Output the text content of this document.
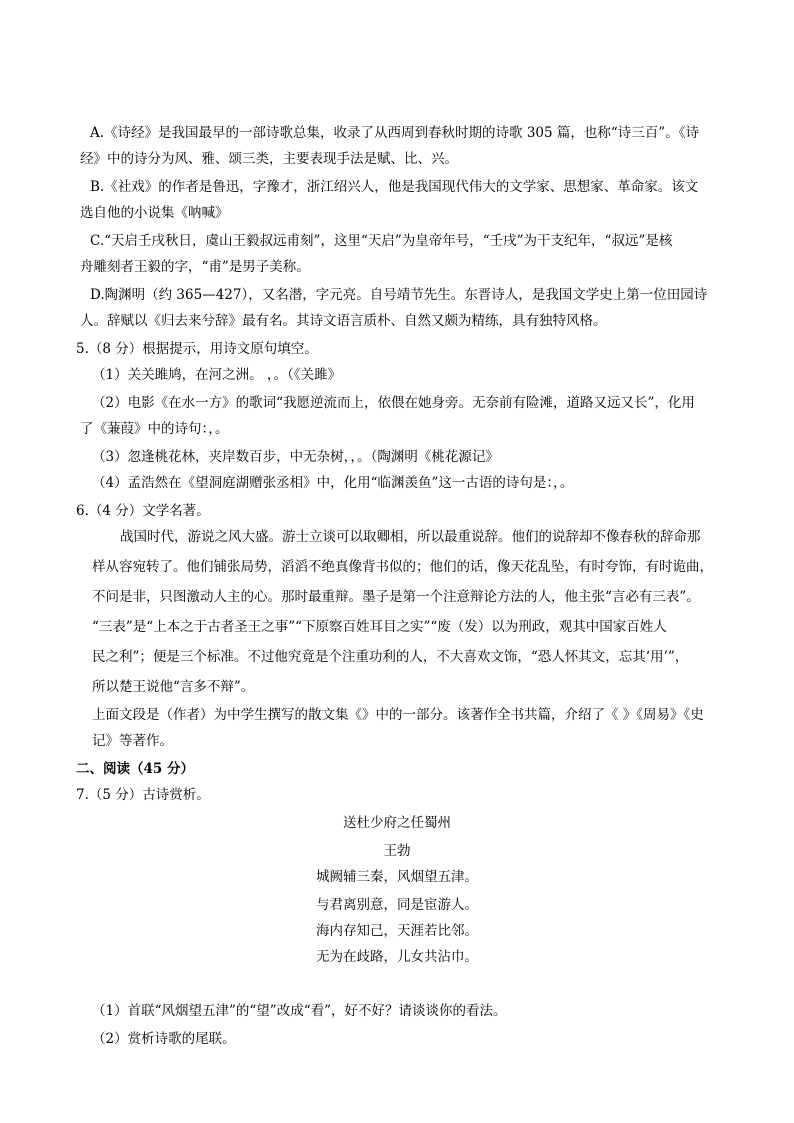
A.《诗经》是我国最早的一部诗歌总集，收录了从西周到春秋时期的诗歌 305 篇，也称“诗三百”。《诗
经》中的诗分为风、雅、颂三类，主要表现手法是赋、比、兴。
B.《社戏》的作者是鲁迅，字豫才，浙江绍兴人，他是我国现代伟大的文学家、思想家、革命家。该文
选自他的小说集《呐喊》
C.“天启壬戌秋日，虞山王毅叔远甫刻”，这里“天启”为皇帝年号，“壬戌”为干支纪年，“叔远”是核
舟雕刻者王毅的字，“甫”是男子美称。
D.陶渊明（约 365—427），又名潜，字元亮。自号靖节先生。东晋诗人，是我国文学史上第一位田园诗
人。辞赋以《归去来兮辞》最有名。其诗文语言质朴、自然又颇为精练，具有独特风格。
5.（8 分）根据提示，用诗文原句填空。
（1）关关雎鸠，在河之洲。 ，。（《关雎》
（2）电影《在水一方》的歌词“我愿逆流而上，依偎在她身旁。无奈前有险滩，道路又远又长”，化用
了《蒹葭》中的诗句：，。
（3）忽逢桃花林，夹岸数百步，中无杂树，，。（陶渊明《桃花源记》
（4）孟浩然在《望洞庭湖赠张丞相》中，化用“临渊羡鱼”这一古语的诗句是：，。
6.（4 分）文学名著。
战国时代，游说之风大盛。游士立谈可以取卿相，所以最重说辞。他们的说辞却不像春秋的辞命那
样从容宛转了。他们铺张局势，滔滔不绝真像背书似的；他们的话，像天花乱坠，有时夸饰，有时诡曲，
不问是非，只图激动人主的心。那时最重辩。墨子是第一个注意辩论方法的人，他主张“言必有三表”。
“三表”是“上本之于古者圣王之事”“下原察百姓耳目之实”“废（发）以为刑政，观其中国家百姓人
民之利”；便是三个标准。不过他究竟是个注重功利的人，不大喜欢文饰，“恐人怀其文，忘其‘用’”，
所以楚王说他“言多不辩”。
上面文段是（作者）为中学生撰写的散文集《》中的一部分。该著作全书共篇，介绍了《 》《周易》《史
记》等著作。
二、阅读（45 分）
7.（5 分）古诗赏析。
送杜少府之任蜀州
王勃
城阙辅三秦，风烟望五津。
与君离别意，同是宦游人。
海内存知己，天涯若比邻。
无为在歧路，儿女共沾巾。
（1）首联“风烟望五津”的“望”改成“看”，好不好？请谈谈你的看法。
（2）赏析诗歌的尾联。
